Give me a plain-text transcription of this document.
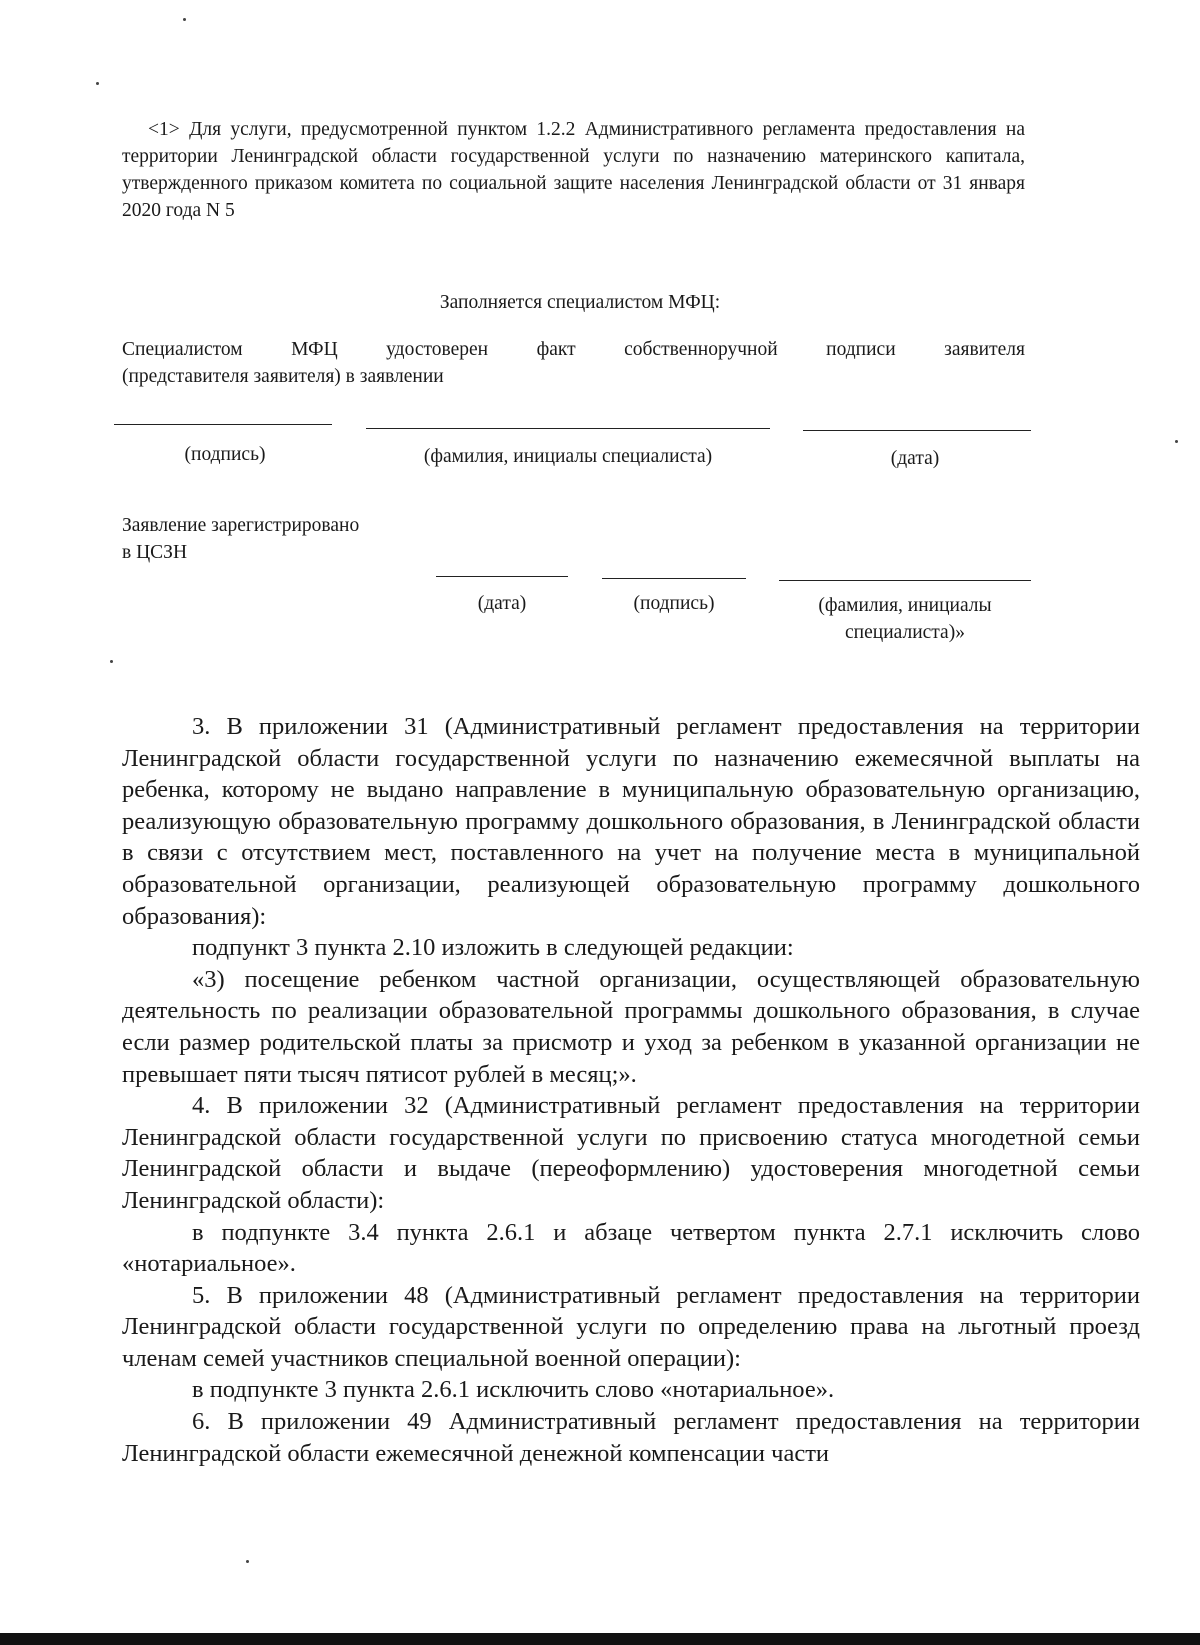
<1> Для услуги, предусмотренной пунктом 1.2.2 Административного регламента предоставления на территории Ленинградской области государственной услуги по назначению материнского капитала, утвержденного приказом комитета по социальной защите населения Ленинградской области от 31 января 2020 года N 5
Заполняется специалистом МФЦ:
Специалистом МФЦ удостоверен факт собственноручной подписи заявителя
(представителя заявителя) в заявлении
(подпись)	(фамилия, инициалы специалиста)	(дата)
Заявление зарегистрировано
в ЦСЗН
(дата)	(подпись)	(фамилия, инициалы
специалиста)»

3. В приложении 31 (Административный регламент предоставления на территории Ленинградской области государственной услуги по назначению ежемесячной выплаты на ребенка, которому не выдано направление в муниципальную образовательную организацию, реализующую образовательную программу дошкольного образования, в Ленинградской области в связи с отсутствием мест, поставленного на учет на получение места в муниципальной образовательной организации, реализующей образовательную программу дошкольного образования):

подпункт 3 пункта 2.10 изложить в следующей редакции:

«3) посещение ребенком частной организации, осуществляющей образовательную деятельность по реализации образовательной программы дошкольного образования, в случае если размер родительской платы за присмотр и уход за ребенком в указанной организации не превышает пяти тысяч пятисот рублей в месяц;».

4. В приложении 32 (Административный регламент предоставления на территории Ленинградской области государственной услуги по присвоению статуса многодетной семьи Ленинградской области и выдаче (переоформлению) удостоверения многодетной семьи Ленинградской области):

в подпункте 3.4 пункта 2.6.1 и абзаце четвертом пункта 2.7.1 исключить слово «нотариальное».

5. В приложении 48 (Административный регламент предоставления на территории Ленинградской области государственной услуги по определению права на льготный проезд членам семей участников специальной военной операции):

в подпункте 3 пункта 2.6.1 исключить слово «нотариальное».

6. В приложении 49 Административный регламент предоставления на территории Ленинградской области ежемесячной денежной компенсации части
